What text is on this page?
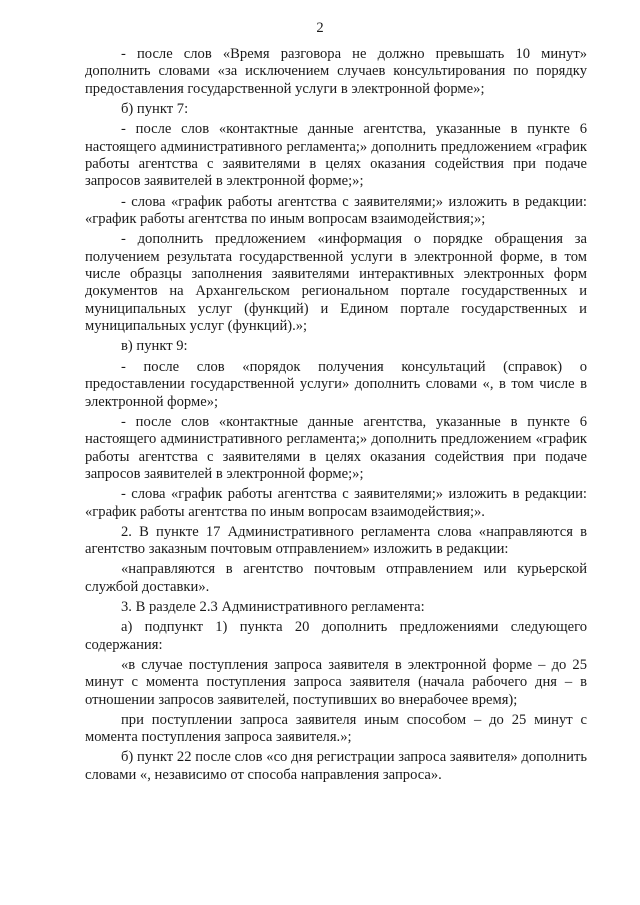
2

- после слов «Время разговора не должно превышать 10 минут» дополнить словами «за исключением случаев консультирования по порядку предоставления государственной услуги в электронной форме»;

б) пункт 7:

- после слов «контактные данные агентства, указанные в пункте 6 настоящего административного регламента;» дополнить предложением «график работы агентства с заявителями в целях оказания содействия при подаче запросов заявителей в электронной форме;»;

- слова «график работы агентства с заявителями;» изложить в редакции: «график работы агентства по иным вопросам взаимодействия;»;

- дополнить предложением «информация о порядке обращения за получением результата государственной услуги в электронной форме, в том числе образцы заполнения заявителями интерактивных электронных форм документов на Архангельском региональном портале государственных и муниципальных услуг (функций) и Едином портале государственных и муниципальных услуг (функций).»;

в) пункт 9:

- после слов «порядок получения консультаций (справок) о предоставлении государственной услуги» дополнить словами «, в том числе в электронной форме»;

- после слов «контактные данные агентства, указанные в пункте 6 настоящего административного регламента;» дополнить предложением «график работы агентства с заявителями в целях оказания содействия при подаче запросов заявителей в электронной форме;»;

- слова «график работы агентства с заявителями;» изложить в редакции: «график работы агентства по иным вопросам взаимодействия;».

2. В пункте 17 Административного регламента слова «направляются в агентство заказным почтовым отправлением» изложить в редакции:

«направляются в агентство почтовым отправлением или курьерской службой доставки».

3. В разделе 2.3 Административного регламента:

а) подпункт 1) пункта 20 дополнить предложениями следующего содержания:

«в случае поступления запроса заявителя в электронной форме – до 25 минут с момента поступления запроса заявителя (начала рабочего дня – в отношении запросов заявителей, поступивших во внерабочее время);

при поступлении запроса заявителя иным способом – до 25 минут с момента поступления запроса заявителя.»;

б) пункт 22 после слов «со дня регистрации запроса заявителя» дополнить словами «, независимо от способа направления запроса».
